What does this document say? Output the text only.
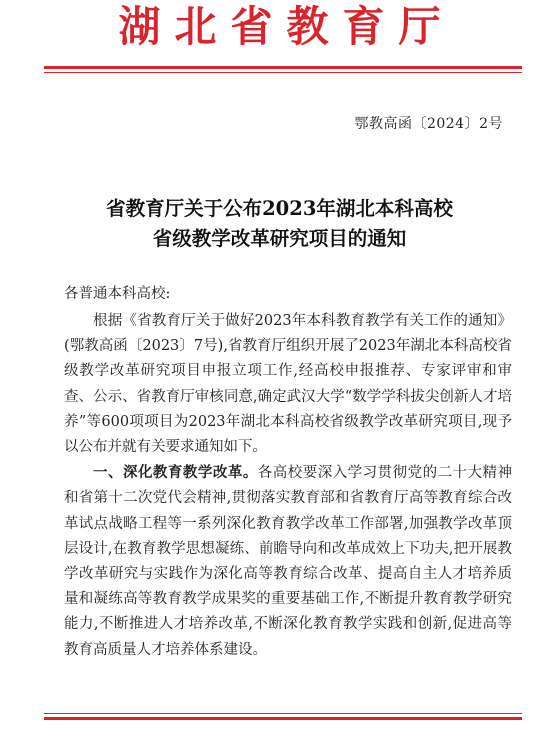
湖北省教育厅
鄂教高函〔2024〕2号
省教育厅关于公布2023年湖北本科高校
省级教学改革研究项目的通知
各普通本科高校:

根据《省教育厅关于做好2023年本科教育教学有关工作的通知》(鄂教高函〔2023〕7号),省教育厅组织开展了2023年湖北本科高校省级教学改革研究项目申报立项工作,经高校申报推荐、专家评审和审查、公示、省教育厅审核同意,确定武汉大学“数学学科拔尖创新人才培养”等600项项目为2023年湖北本科高校省级教学改革研究项目,现予以公布并就有关要求通知如下。

一、深化教育教学改革。各高校要深入学习贯彻党的二十大精神和省第十二次党代会精神,贯彻落实教育部和省教育厅高等教育综合改革试点战略工程等一系列深化教育教学改革工作部署,加强教学改革顶层设计,在教育教学思想凝练、前瞻导向和改革成效上下功夫,把开展教学改革研究与实践作为深化高等教育综合改革、提高自主人才培养质量和凝练高等教育教学成果奖的重要基础工作,不断提升教育教学研究能力,不断推进人才培养改革,不断深化教育教学实践和创新,促进高等教育高质量人才培养体系建设。
